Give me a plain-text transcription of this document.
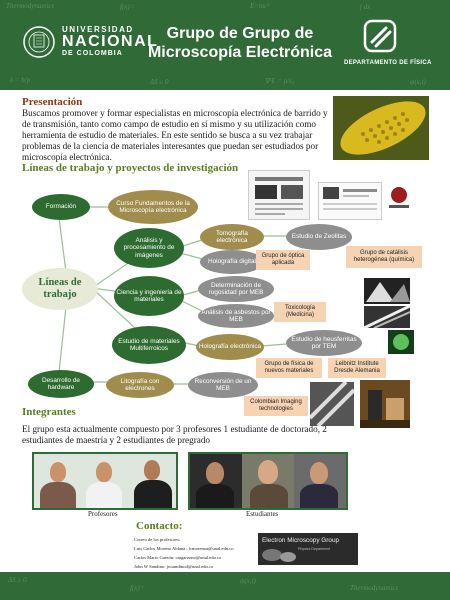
Thermodynamics	f(x)=	E=mc²	∫ dx
λ = h/p	ΔS ≥ 0	∇·E = ρ/ε₀	ψ(x,t)
UNIVERSIDAD
NACIONAL
DE COLOMBIA
Grupo de Grupo de Microscopía Electrónica
DEPARTAMENTO DE FÍSICA
Presentación
Buscamos promover y formar especialistas en microscopía electrónica de barrido y de transmisión, tanto como campo de estudio en sí mismo y su utilización como herramienta de estudio de materiales. En este sentido se busca a su vez trabajar problemas de la ciencia de materiales interesantes que puedan ser estudiados por microscopía electrónica.
Líneas de trabajo y proyectos de investigación
Líneas de trabajo
Formación
Curso Fundamentos de la Microscopía electrónica
Análisis y procesamiento de imágenes
Tomografía electrónica
Estudio de Zeolitas
Holografía digital
Ciencia y ingeniería de materiales
Determinación de rugosidad por MEB
Análisis de asbestos por MEB
Estudio de materiales Multiferroicos	Holografía electrónica
Estudio de heusferritas por TEM
Desarrollo de hardware
Litografía con electrones
Reconversión de un MEB
Grupo de óptica aplicada
Grupo de catálisis heterogénea (química)
Toxicología (Medicina)
Grupo de física de nuevos materiales
Leibnitz Institute Dresde Alemania
Colombian Imaging technologies
Integrantes
El grupo esta actualmente compuesto por 3 profesores 1 estudiante de doctorado, 2 estudiantes de maestría y 2 estudiantes de pregrado
Profesores	Estudiantes
Contacto:
Correo de los profesores:
Luis Carlos Moreno Aldana : lcmorenoa@unal.edu.co
Carlos Mario Garzón: cmgarzono@unal.edu.co
John W Sandino: jwsandinod@unal.edu.co
Electron Microscopy Group
Physics Department
ΔS ≥ 0
f(x)=
ψ(x,t)
Thermodynamics
